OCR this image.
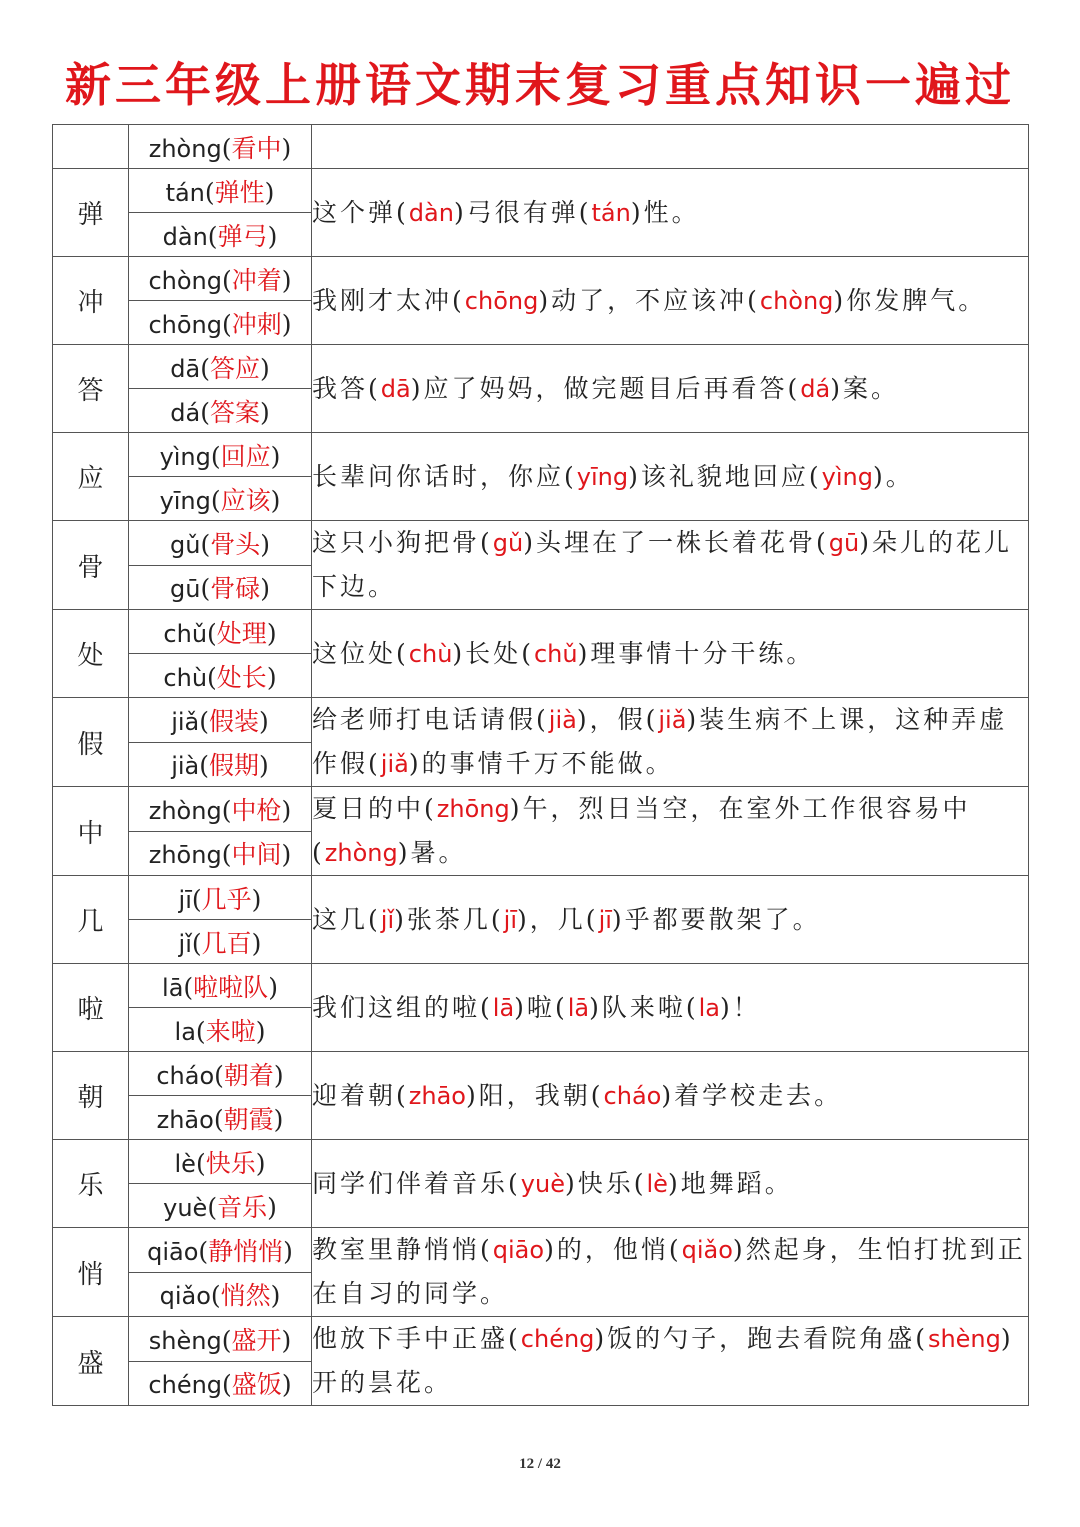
新三年级上册语文期末复习重点知识一遍过
	zhòng(看中)	
弹	tán(弹性)	这个弹(dàn)弓很有弹(tán)性。
	dàn(弹弓)	
冲	chòng(冲着)	我刚才太冲(chōng)动了，不应该冲(chòng)你发脾气。
	chōng(冲刺)	
答	dā(答应)	我答(dā)应了妈妈，做完题目后再看答(dá)案。
	dá(答案)	
应	yìng(回应)	长辈问你话时，你应(yīng)该礼貌地回应(yìng)。
	yīng(应该)	
骨	gǔ(骨头)	这只小狗把骨(gǔ)头埋在了一株长着花骨(gū)朵儿的花儿下边。
	gū(骨碌)	
处	chǔ(处理)	这位处(chù)长处(chǔ)理事情十分干练。
	chù(处长)	
假	jiǎ(假装)	给老师打电话请假(jià)，假(jiǎ)装生病不上课，这种弄虚作假(jiǎ)的事情千万不能做。
	jià(假期)	
中	zhòng(中枪)	夏日的中(zhōng)午，烈日当空，在室外工作很容易中(zhòng)暑。
	zhōng(中间)	
几	jī(几乎)	这几(jǐ)张茶几(jī)，几(jī)乎都要散架了。
	jǐ(几百)	
啦	lā(啦啦队)	我们这组的啦(lā)啦(lā)队来啦(la)！
	la(来啦)	
朝	cháo(朝着)	迎着朝(zhāo)阳，我朝(cháo)着学校走去。
	zhāo(朝霞)	
乐	lè(快乐)	同学们伴着音乐(yuè)快乐(lè)地舞蹈。
	yuè(音乐)	
悄	qiāo(静悄悄)	教室里静悄悄(qiāo)的，他悄(qiǎo)然起身，生怕打扰到正在自习的同学。
	qiǎo(悄然)	
盛	shèng(盛开)	他放下手中正盛(chéng)饭的勺子，跑去看院角盛(shèng)开的昙花。
	chéng(盛饭)	
12 / 42
